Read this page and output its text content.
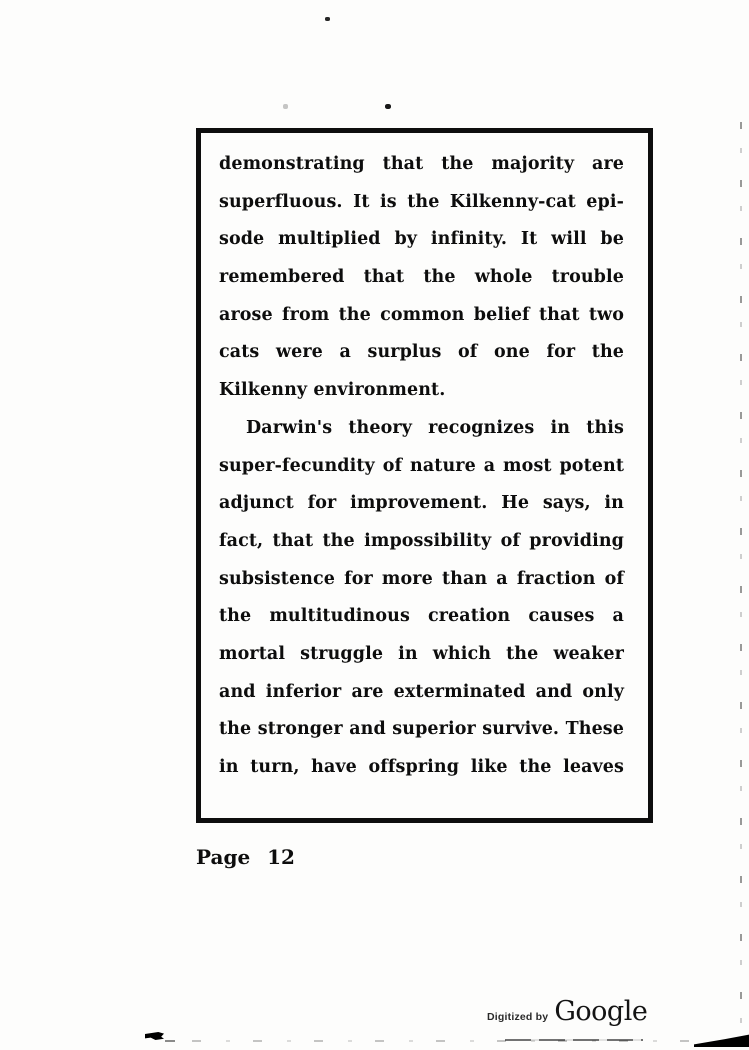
demonstrating that the majority are
superfluous. It is the Kilkenny-cat epi-
sode multiplied by infinity. It will be
remembered that the whole trouble
arose from the common belief that two
cats were a surplus of one for the
Kilkenny environment.
Darwin's theory recognizes in this
super-fecundity of nature a most potent
adjunct for improvement. He says, in
fact, that the impossibility of providing
subsistence for more than a fraction of
the multitudinous creation causes a
mortal struggle in which the weaker
and inferior are exterminated and only
the stronger and superior survive. These
in turn, have offspring like the leaves
Page 12
Digitized by Google
